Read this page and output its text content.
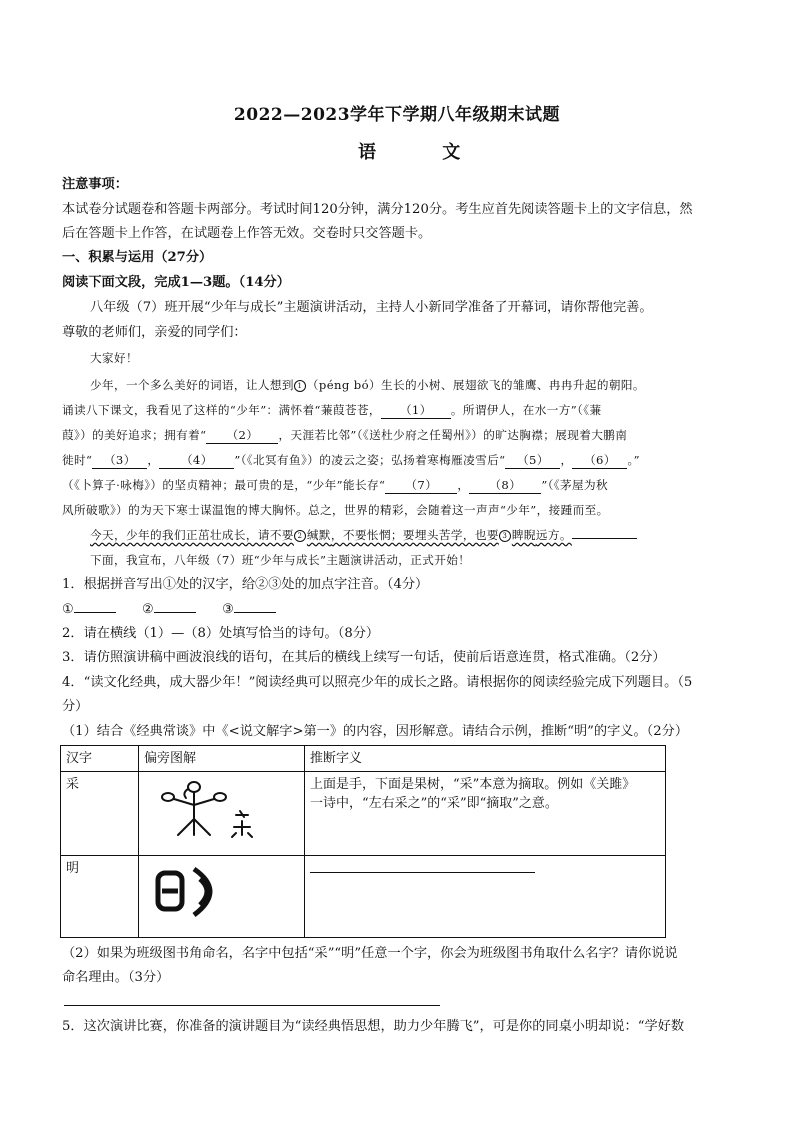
2022—2023学年下学期八年级期末试题
语 文
注意事项：
本试卷分试题卷和答题卡两部分。考试时间120分钟，满分120分。考生应首先阅读答题卡上的文字信息，然
后在答题卡上作答，在试题卷上作答无效。交卷时只交答题卡。
一、积累与运用（27分）
阅读下面文段，完成1—3题。（14分）
八年级（7）班开展“少年与成长”主题演讲活动，主持人小新同学准备了开幕词，请你帮他完善。
尊敬的老师们，亲爱的同学们：
大家好！
少年，一个多么美好的词语，让人想到 1 （péng bó）生长的小树、展翅欲飞的雏鹰、冉冉升起的朝阳。
诵读八下课文，我看见了这样的“少年”：满怀着“蒹葭苍苍， （1） 。所谓伊人，在水一方”（《蒹
葭》）的美好追求；拥有着“ （2） ，天涯若比邻”（《送杜少府之任蜀州》）的旷达胸襟；展现着大鹏南
徙时“ （3） ， （4） ”（《北冥有鱼》）的凌云之姿；弘扬着寒梅雁凌雪后“ （5） ， （6） 。”
（《卜算子·咏梅》）的坚贞精神；最可贵的是，“少年”能长存“ （7） ， （8） ”（《茅屋为秋
风所破歌》）的为天下寒士谋温饱的博大胸怀。总之，世界的精彩，会随着这一声声“少年”，接踵而至。
今天，少年的我们正茁壮成长，请不要 2 缄默，不要怅惘；要埋头苦学，也要 3 睥睨远方。
下面，我宣布，八年级（7）班“少年与成长”主题演讲活动，正式开始！
1．根据拼音写出①处的汉字，给②③处的加点字注音。（4分）
①	②	③
2．请在横线（1）—（8）处填写恰当的诗句。（8分）
3．请仿照演讲稿中画波浪线的语句，在其后的横线上续写一句话，使前后语意连贯，格式准确。（2分）
4．“读文化经典，成大器少年！”阅读经典可以照亮少年的成长之路。请根据你的阅读经验完成下列题目。（5
分）
（1）结合《经典常谈》中《<说文解字>第一》的内容，因形解意。请结合示例，推断“明”的字义。（2分）
汉字	偏旁图解	推断字义
采		上面是手，下面是果树，“采”本意为摘取。例如《关雎》
一诗中，“左右采之”的“采”即“摘取”之意。

明		
（2）如果为班级图书角命名，名字中包括“采”“明”任意一个字，你会为班级图书角取什么名字？请你说说
命名理由。（3分）
5．这次演讲比赛，你准备的演讲题目为“读经典悟思想，助力少年腾飞”，可是你的同桌小明却说：“学好数
